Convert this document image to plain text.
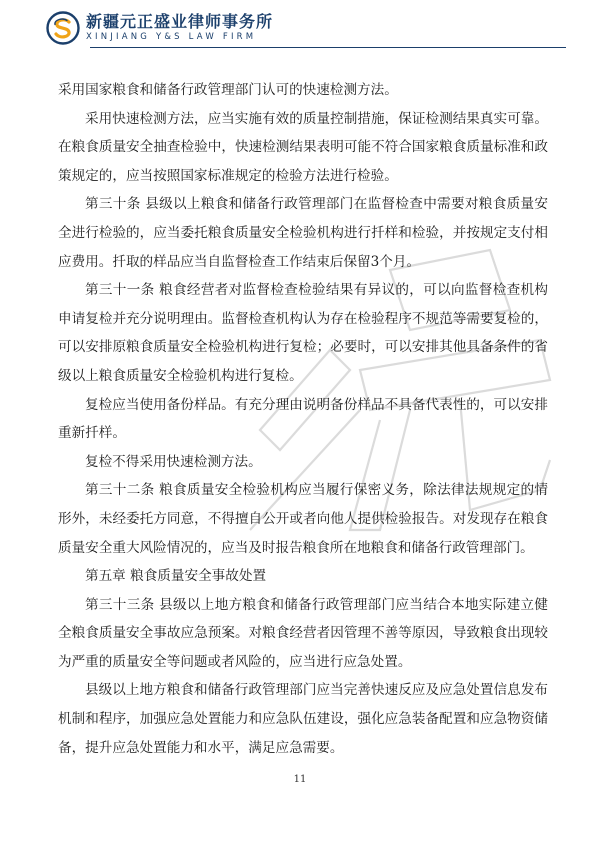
新疆元正盛业律师事务所
XINJIANG Y&S LAW FIRM

采用国家粮食和储备行政管理部门认可的快速检测方法。

采用快速检测方法，应当实施有效的质量控制措施，保证检测结果真实可靠。在粮食质量安全抽查检验中，快速检测结果表明可能不符合国家粮食质量标准和政策规定的，应当按照国家标准规定的检验方法进行检验。

第三十条 县级以上粮食和储备行政管理部门在监督检查中需要对粮食质量安全进行检验的，应当委托粮食质量安全检验机构进行扦样和检验，并按规定支付相应费用。扦取的样品应当自监督检查工作结束后保留3个月。

第三十一条 粮食经营者对监督检查检验结果有异议的，可以向监督检查机构申请复检并充分说明理由。监督检查机构认为存在检验程序不规范等需要复检的，可以安排原粮食质量安全检验机构进行复检；必要时，可以安排其他具备条件的省级以上粮食质量安全检验机构进行复检。

复检应当使用备份样品。有充分理由说明备份样品不具备代表性的，可以安排重新扦样。

复检不得采用快速检测方法。

第三十二条 粮食质量安全检验机构应当履行保密义务，除法律法规规定的情形外，未经委托方同意，不得擅自公开或者向他人提供检验报告。对发现存在粮食质量安全重大风险情况的，应当及时报告粮食所在地粮食和储备行政管理部门。

第五章 粮食质量安全事故处置

第三十三条 县级以上地方粮食和储备行政管理部门应当结合本地实际建立健全粮食质量安全事故应急预案。对粮食经营者因管理不善等原因，导致粮食出现较为严重的质量安全等问题或者风险的，应当进行应急处置。

县级以上地方粮食和储备行政管理部门应当完善快速反应及应急处置信息发布机制和程序，加强应急处置能力和应急队伍建设，强化应急装备配置和应急物资储备，提升应急处置能力和水平，满足应急需要。

11
